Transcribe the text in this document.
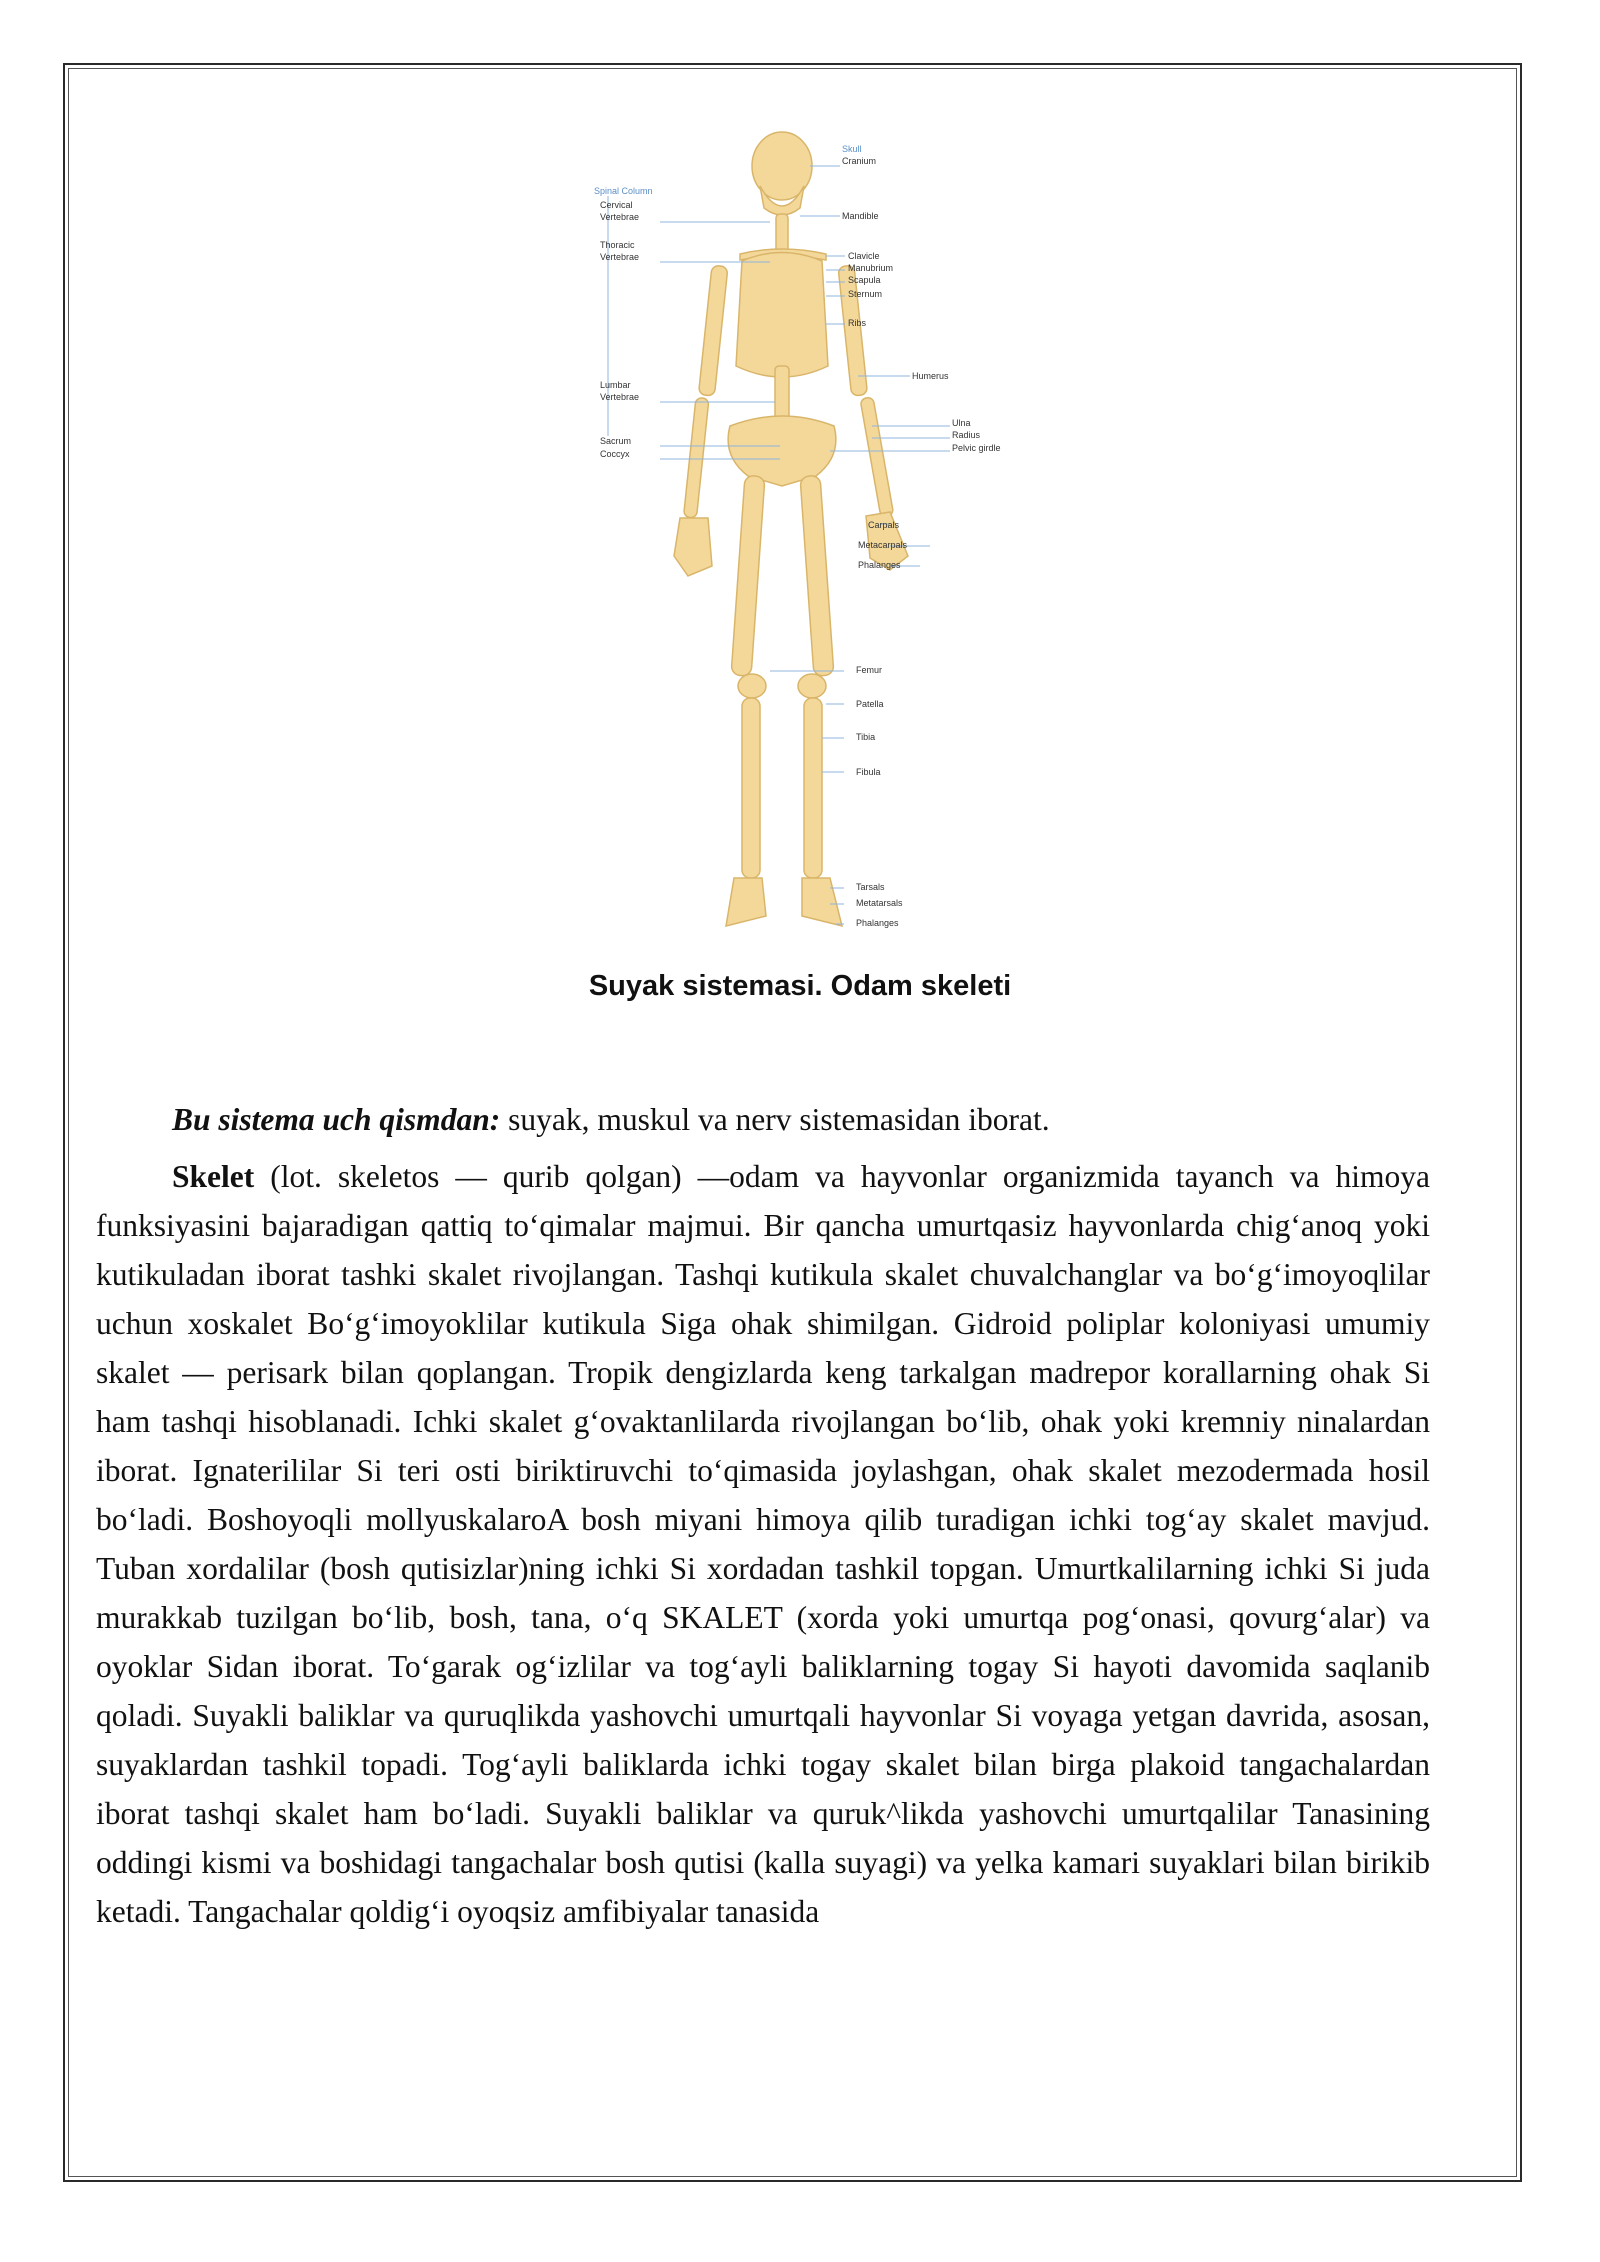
Spinal Column
Cervical
Vertebrae
Thoracic
Vertebrae
Lumbar
Vertebrae
Sacrum
Coccyx
Skull
Cranium
Mandible
Clavicle
Manubrium
Scapula
Sternum
Ribs
Humerus
Ulna
Radius
Pelvic girdle
Carpals
Metacarpals
Phalanges
Femur
Patella
Tibia
Fibula
Tarsals
Metatarsals
Phalanges
Suyak sistemasi. Odam skeleti

Bu sistema uch qismdan: suyak, muskul va nerv sistemasidan iborat.

Skelet (lot. skeletos — qurib qolgan) —odam va hayvonlar organizmida tayanch va himoya funksiyasini bajaradigan qattiq to‘qimalar majmui. Bir qancha umurtqasiz hayvonlarda chig‘anoq yoki kutikuladan iborat tashki skalet rivojlangan. Tashqi kutikula skalet chuvalchanglar va bo‘g‘imoyoqlilar uchun xoskalet Bo‘g‘imoyoklilar kutikula Siga ohak shimilgan. Gidroid poliplar koloniyasi umumiy skalet — perisark bilan qoplangan. Tropik dengizlarda keng tarkalgan madrepor korallarning ohak Si ham tashqi hisoblanadi. Ichki skalet g‘ovaktanlilarda rivojlangan bo‘lib, ohak yoki kremniy ninalardan iborat. Ignaterililar Si teri osti biriktiruvchi to‘qimasida joylashgan, ohak skalet mezodermada hosil bo‘ladi. Boshoyoqli mollyuskalaroA bosh miyani himoya qilib turadigan ichki tog‘ay skalet mavjud. Tuban xordalilar (bosh qutisizlar)ning ichki Si xordadan tashkil topgan. Umurtkalilarning ichki Si juda murakkab tuzilgan bo‘lib, bosh, tana, o‘q SKALET (xorda yoki umurtqa pog‘onasi, qovurg‘alar) va oyoklar Sidan iborat. To‘garak og‘izlilar va tog‘ayli baliklarning togay Si hayoti davomida saqlanib qoladi. Suyakli baliklar va quruqlikda yashovchi umurtqali hayvonlar Si voyaga yetgan davrida, asosan, suyaklardan tashkil topadi. Tog‘ayli baliklarda ichki togay skalet bilan birga plakoid tangachalardan iborat tashqi skalet ham bo‘ladi. Suyakli baliklar va quruk^likda yashovchi umurtqalilar Tanasining oddingi kismi va boshidagi tangachalar bosh qutisi (kalla suyagi) va yelka kamari suyaklari bilan birikib ketadi. Tangachalar qoldig‘i oyoqsiz amfibiyalar tanasida
